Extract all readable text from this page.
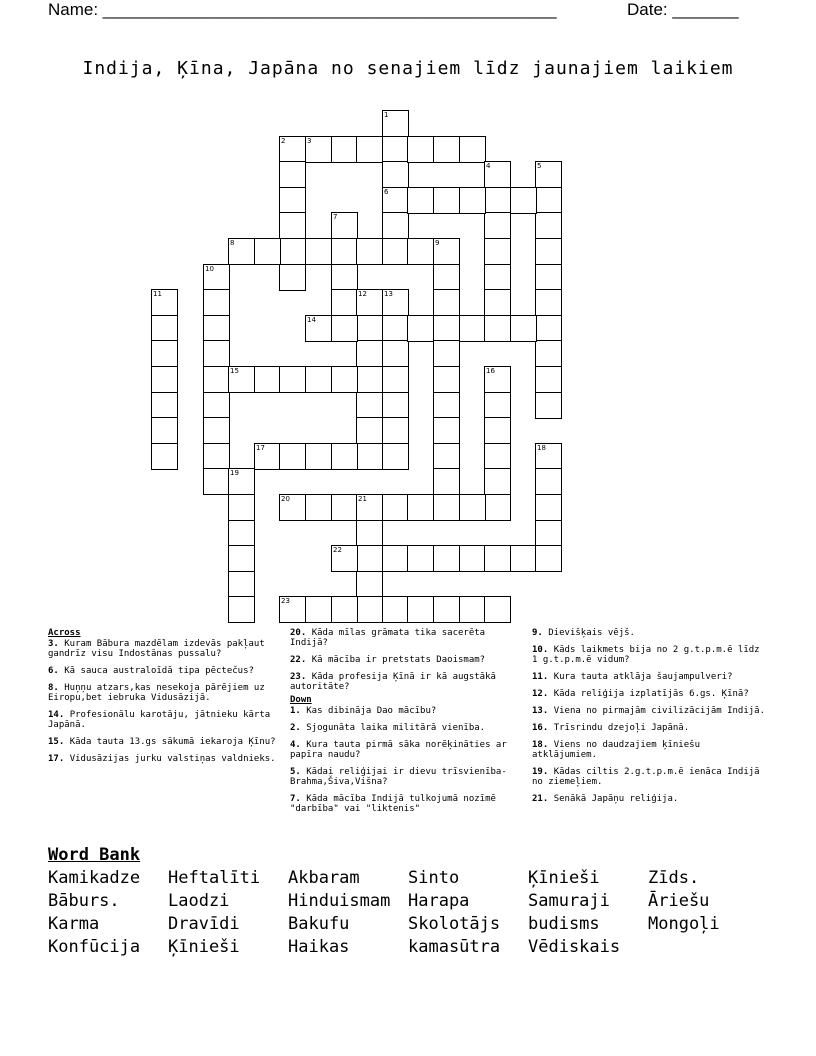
Name: ________________________________________________	Date: _______
Indija, Ķīna, Japāna no senajiem līdz jaunajiem laikiem
1
6
2	3
4	5
7
8	9
10
11	12 13
14
15	16
17	18
19
20	21
22
23
Across
3. Kuram Bābura mazdēlam izdevās pakļaut gandrīz visu Indostānas pussalu?
6. Kā sauca australoīdā tipa pēctečus?
8. Huņņu atzars,kas nesekoja pārējiem uz Eiropu,bet iebruka Vidusāzijā.
14. Profesionālu karotāju, jātnieku kārta Japānā.
15. Kāda tauta 13.gs sākumā iekaroja Ķīnu?
17. Vidusāzijas jurku valstiņas valdnieks.
20. Kāda mīlas grāmata tika sacerēta Indijā?
22. Kā mācība ir pretstats Daoismam?
23. Kāda profesija Ķīnā ir kā augstākā autoritāte?
Down
1. Kas dibināja Dao mācību?
2. Sjogunāta laika militārā vienība.
4. Kura tauta pirmā sāka norēķināties ar papīra naudu?
5. Kādai reliģijai ir dievu trīsvienība-Brahma,Šiva,Višna?
7. Kāda mācība Indijā tulkojumā nozīmē "darbība" vai "liktenis"
9. Dievišķais vējš.
10. Kāds laikmets bija no 2 g.t.p.m.ē līdz 1 g.t.p.m.ē vidum?
11. Kura tauta atklāja šaujampulveri?
12. Kāda reliģija izplatījās 6.gs. Ķīnā?
13. Viena no pirmajām civilizācijām Indijā.
16. Trīsrindu dzejoļi Japānā.
18. Viens no daudzajiem ķīniešu atklājumiem.
19. Kādas ciltis 2.g.t.p.m.ē ienāca Indijā no ziemeļiem.
21. Senākā Japāņu reliģija.
Word Bank
Kamikadze	Heftalīti	Akbaram	Sinto	Ķīnieši	Zīds.
Bāburs.	Laodzi	Hinduismam	Harapa	Samuraji	Āriešu
Karma	Dravīdi	Bakufu	Skolotājs	budisms	Mongoļi
Konfūcija	Ķīnieši	Haikas	kamasūtra	Vēdiskais
